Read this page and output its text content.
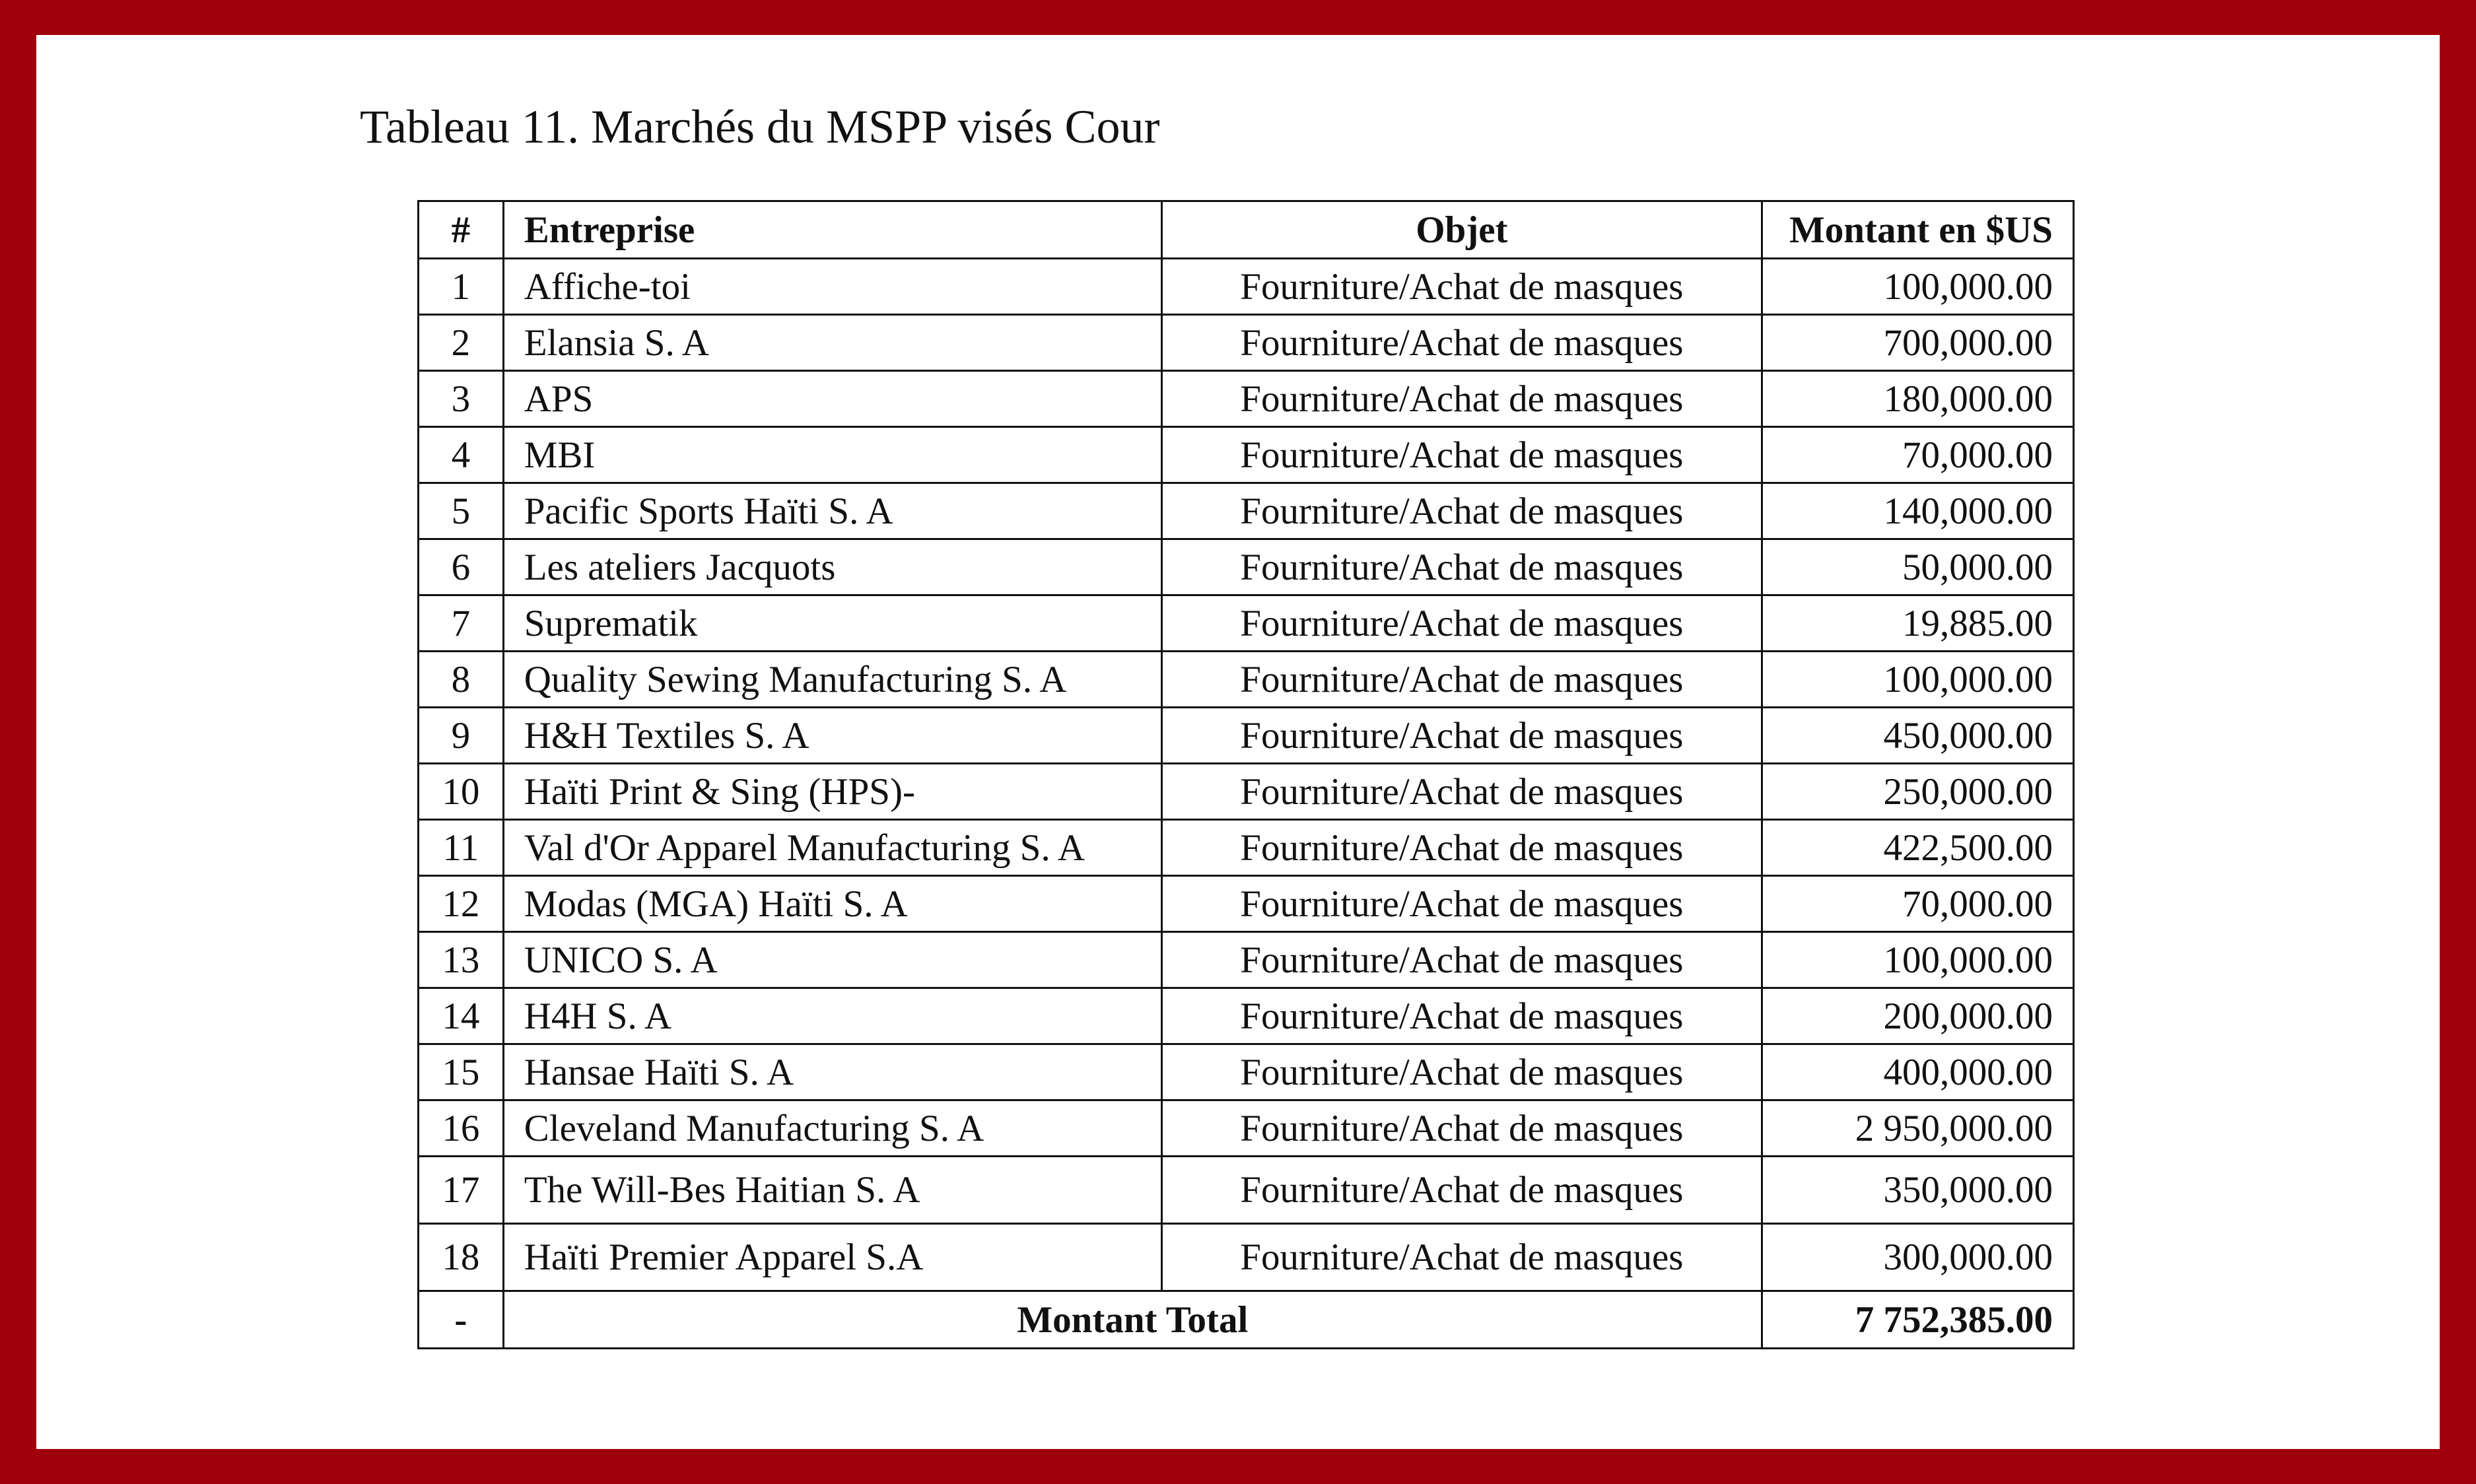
Tableau 11. Marchés du MSPP visés Cour
#	Entreprise	Objet	Montant en $US
1	Affiche-toi	Fourniture/Achat de masques	100,000.00
2	Elansia S. A	Fourniture/Achat de masques	700,000.00
3	APS	Fourniture/Achat de masques	180,000.00
4	MBI	Fourniture/Achat de masques	70,000.00
5	Pacific Sports Haïti S. A	Fourniture/Achat de masques	140,000.00
6	Les ateliers Jacquots	Fourniture/Achat de masques	50,000.00
7	Suprematik	Fourniture/Achat de masques	19,885.00
8	Quality Sewing Manufacturing S. A	Fourniture/Achat de masques	100,000.00
9	H&H Textiles S. A	Fourniture/Achat de masques	450,000.00
10	Haïti Print & Sing (HPS)-	Fourniture/Achat de masques	250,000.00
11	Val d'Or Apparel Manufacturing S. A	Fourniture/Achat de masques	422,500.00
12	Modas (MGA) Haïti S. A	Fourniture/Achat de masques	70,000.00
13	UNICO S. A	Fourniture/Achat de masques	100,000.00
14	H4H S. A	Fourniture/Achat de masques	200,000.00
15	Hansae Haïti S. A	Fourniture/Achat de masques	400,000.00
16	Cleveland Manufacturing S. A	Fourniture/Achat de masques	2 950,000.00
17	The Will-Bes Haitian S. A	Fourniture/Achat de masques	350,000.00
18	Haïti Premier Apparel S.A	Fourniture/Achat de masques	300,000.00
-	Montant Total		7 752,385.00
